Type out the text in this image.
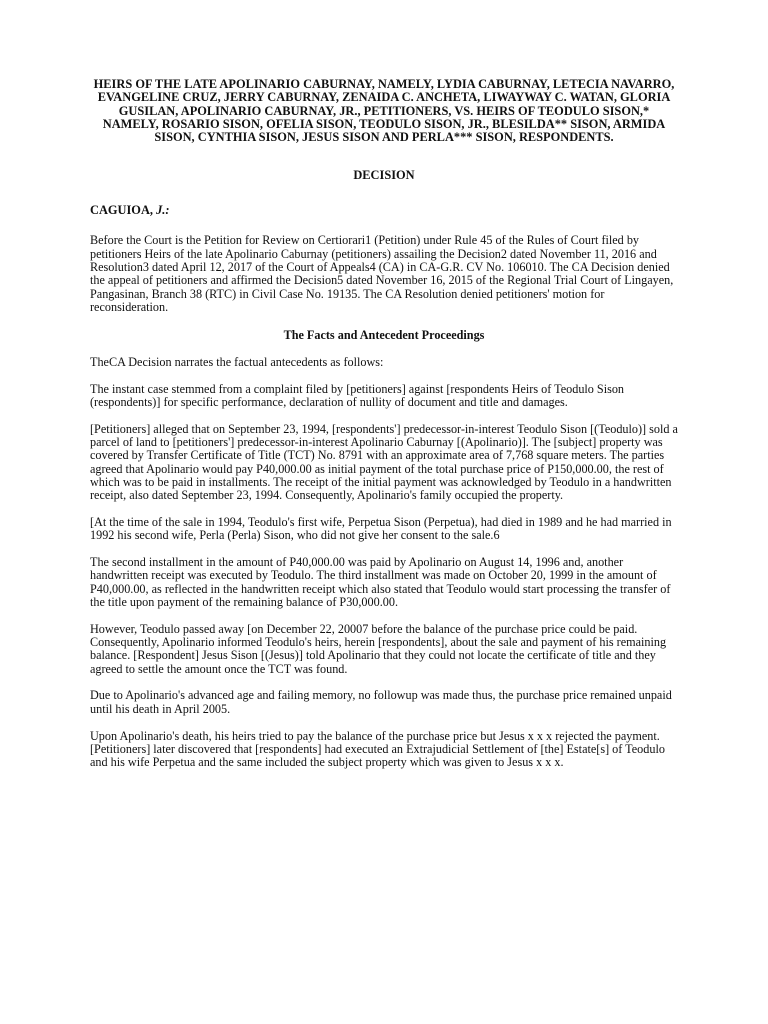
HEIRS OF THE LATE APOLINARIO CABURNAY, NAMELY, LYDIA CABURNAY, LETECIA NAVARRO, EVANGELINE CRUZ, JERRY CABURNAY, ZENAIDA C. ANCHETA, LIWAYWAY C. WATAN, GLORIA GUSILAN, APOLINARIO CABURNAY, JR., PETITIONERS, VS. HEIRS OF TEODULO SISON,* NAMELY, ROSARIO SISON, OFELIA SISON, TEODULO SISON, JR., BLESILDA** SISON, ARMIDA SISON, CYNTHIA SISON, JESUS SISON AND PERLA*** SISON, RESPONDENTS.
DECISION
CAGUIOA, J.:

Before the Court is the Petition for Review on Certiorari1 (Petition) under Rule 45 of the Rules of Court filed by petitioners Heirs of the late Apolinario Caburnay (petitioners) assailing the Decision2 dated November 11, 2016 and Resolution3 dated April 12, 2017 of the Court of Appeals4 (CA) in CA-G.R. CV No. 106010. The CA Decision denied the appeal of petitioners and affirmed the Decision5 dated November 16, 2015 of the Regional Trial Court of Lingayen, Pangasinan, Branch 38 (RTC) in Civil Case No. 19135. The CA Resolution denied petitioners' motion for reconsideration.

The Facts and Antecedent Proceedings

TheCA Decision narrates the factual antecedents as follows:

The instant case stemmed from a complaint filed by [petitioners] against [respondents Heirs of Teodulo Sison (respondents)] for specific performance, declaration of nullity of document and title and damages.

[Petitioners] alleged that on September 23, 1994, [respondents'] predecessor-in-interest Teodulo Sison [(Teodulo)] sold a parcel of land to [petitioners'] predecessor-in-interest Apolinario Caburnay [(Apolinario)]. The [subject] property was covered by Transfer Certificate of Title (TCT) No. 8791 with an approximate area of 7,768 square meters. The parties agreed that Apolinario would pay P40,000.00 as initial payment of the total purchase price of P150,000.00, the rest of which was to be paid in installments. The receipt of the initial payment was acknowledged by Teodulo in a handwritten receipt, also dated September 23, 1994. Consequently, Apolinario's family occupied the property.

[At the time of the sale in 1994, Teodulo's first wife, Perpetua Sison (Perpetua), had died in 1989 and he had married in 1992 his second wife, Perla (Perla) Sison, who did not give her consent to the sale.6

The second installment in the amount of P40,000.00 was paid by Apolinario on August 14, 1996 and, another handwritten receipt was executed by Teodulo. The third installment was made on October 20, 1999 in the amount of P40,000.00, as reflected in the handwritten receipt which also stated that Teodulo would start processing the transfer of the title upon payment of the remaining balance of P30,000.00.

However, Teodulo passed away [on December 22, 20007 before the balance of the purchase price could be paid. Consequently, Apolinario informed Teodulo's heirs, herein [respondents], about the sale and payment of his remaining balance. [Respondent] Jesus Sison [(Jesus)] told Apolinario that they could not locate the certificate of title and they agreed to settle the amount once the TCT was found.

Due to Apolinario's advanced age and failing memory, no followup was made thus, the purchase price remained unpaid until his death in April 2005.

Upon Apolinario's death, his heirs tried to pay the balance of the purchase price but Jesus x x x rejected the payment. [Petitioners] later discovered that [respondents] had executed an Extrajudicial Settlement of [the] Estate[s] of Teodulo and his wife Perpetua and the same included the subject property which was given to Jesus x x x.
